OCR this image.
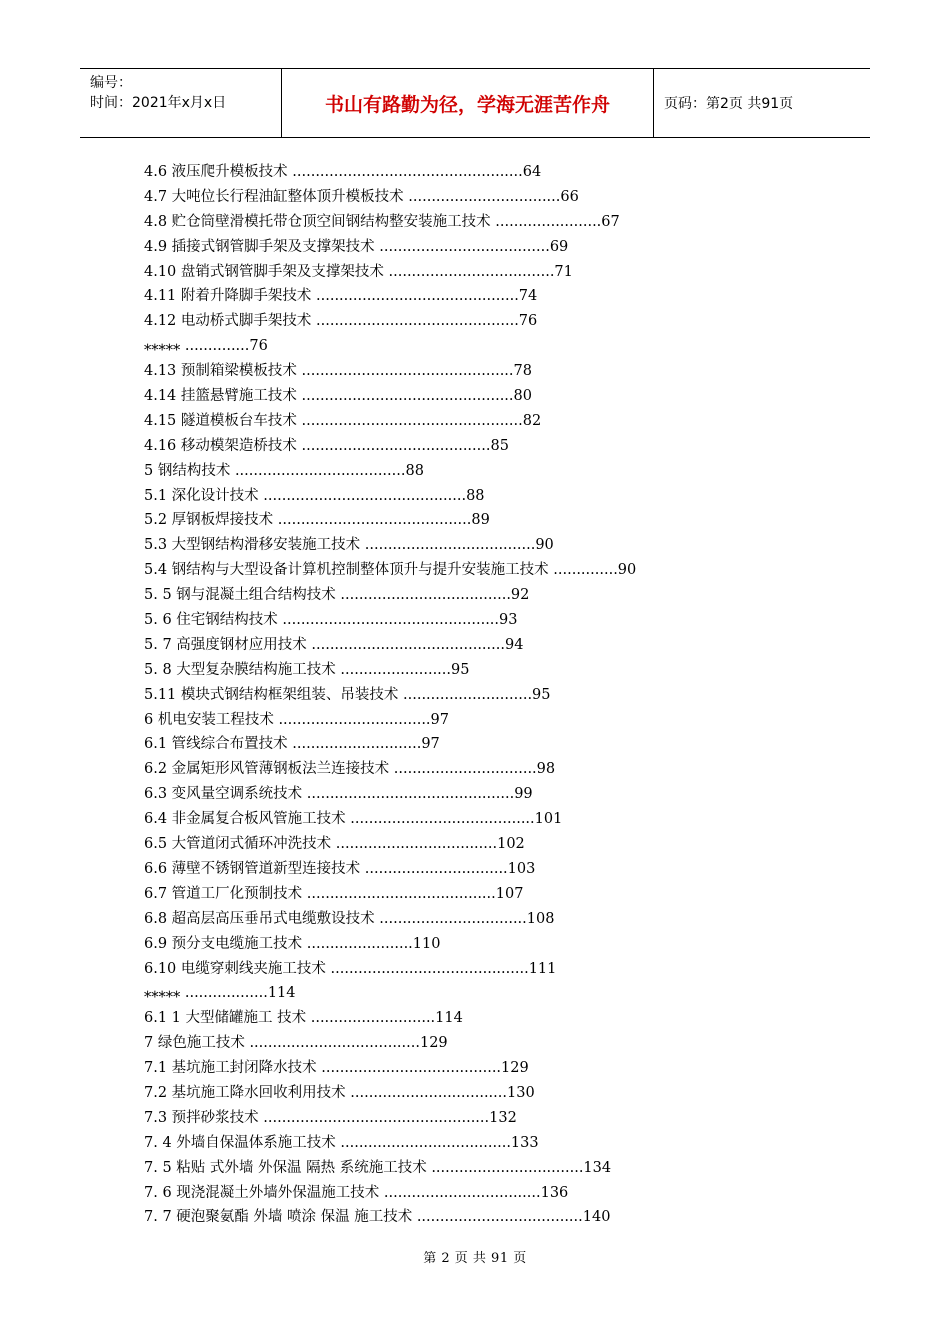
编号：
时间：2021年x月x日	书山有路勤为径，学海无涯苦作舟	页码：第2页 共91页
4.6 液压爬升模板技术 ..................................................64
4.7 大吨位长行程油缸整体顶升模板技术 .................................66
4.8 贮仓筒壁滑模托带仓顶空间钢结构整安装施工技术 .......................67
4.9 插接式钢管脚手架及支撑架技术 .....................................69
4.10 盘销式钢管脚手架及支撑架技术 ....................................71
4.11 附着升降脚手架技术 ............................................74
4.12 电动桥式脚手架技术 ............................................76
⁎⁎⁎⁎⁎ ..............76
4.13 预制箱梁模板技术 ..............................................78
4.14 挂篮悬臂施工技术 ..............................................80
4.15 隧道模板台车技术 ................................................82
4.16 移动模架造桥技术 .........................................85
5 钢结构技术 .....................................88
5.1 深化设计技术 ............................................88
5.2 厚钢板焊接技术 ..........................................89
5.3 大型钢结构滑移安装施工技术 .....................................90
5.4 钢结构与大型设备计算机控制整体顶升与提升安装施工技术 ..............90
5. 5 钢与混凝土组合结构技术 .....................................92
5. 6 住宅钢结构技术 ...............................................93
5. 7 高强度钢材应用技术 ..........................................94
5. 8 大型复杂膜结构施工技术 ........................95
5.11 模块式钢结构框架组装、吊装技术 ............................95
6 机电安装工程技术 .................................97
6.1 管线综合布置技术 ............................97
6.2 金属矩形风管薄钢板法兰连接技术 ...............................98
6.3 变风量空调系统技术 .............................................99
6.4 非金属复合板风管施工技术 ........................................101
6.5 大管道闭式循环冲洗技术 ...................................102
6.6 薄壁不锈钢管道新型连接技术 ...............................103
6.7 管道工厂化预制技术 .........................................107
6.8 超高层高压垂吊式电缆敷设技术 ................................108
6.9 预分支电缆施工技术 .......................110
6.10 电缆穿刺线夹施工技术 ...........................................111
⁎⁎⁎⁎⁎ ..................114
6.1 1 大型储罐施工 技术 ...........................114
7 绿色施工技术 .....................................129
7.1 基坑施工封闭降水技术 .......................................129
7.2 基坑施工降水回收利用技术 ..................................130
7.3 预拌砂浆技术 .................................................132
7. 4 外墙自保温体系施工技术 .....................................133
7. 5 粘贴 式外墙 外保温 隔热 系统施工技术 .................................134
7. 6 现浇混凝土外墙外保温施工技术 ..................................136
7. 7 硬泡聚氨酯 外墙 喷涂 保温 施工技术 ....................................140
第 2 页 共 91 页
